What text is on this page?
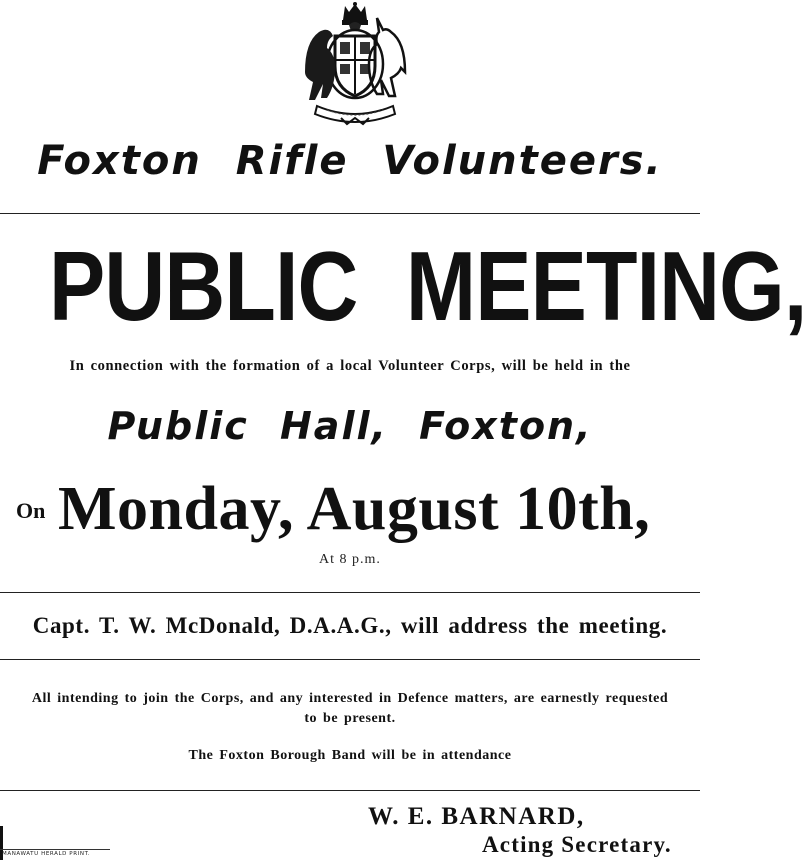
Foxton Rifle Volunteers.
PUBLIC MEETING,
In connection with the formation of a local Volunteer Corps, will be held in the
Public Hall, Foxton,
On Monday, August 10th,
At 8 p.m.
Capt. T. W. McDonald, D.A.A.G., will address the meeting.
All intending to join the Corps, and any interested in Defence matters, are earnestly requested
to be present.
The Foxton Borough Band will be in attendance
W. E. BARNARD,
Acting Secretary.
MANAWATU HERALD PRINT.
